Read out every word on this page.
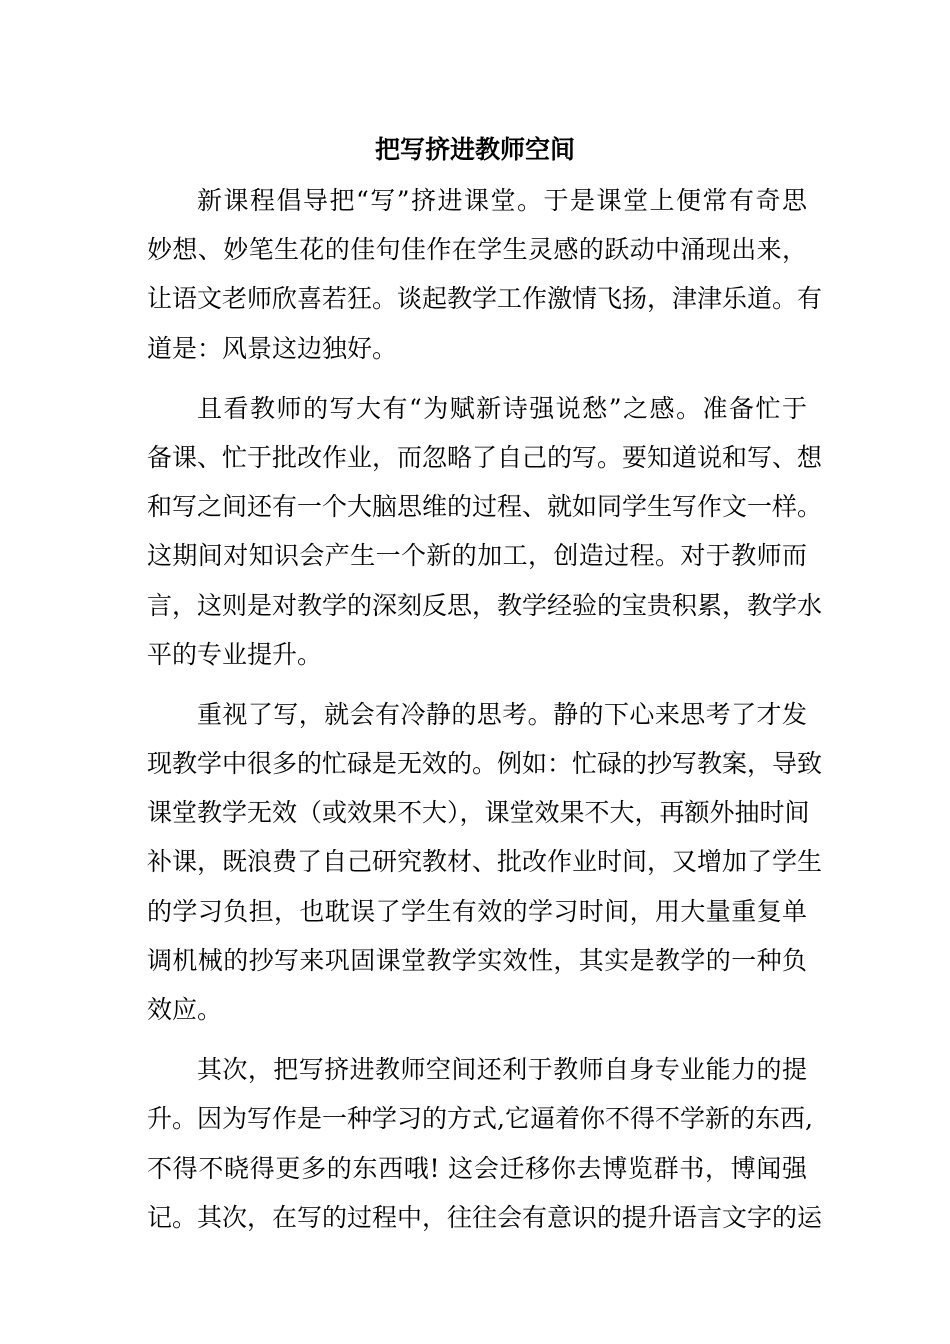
把写挤进教师空间
新课程倡导把“写”挤进课堂。于是课堂上便常有奇思
妙想、妙笔生花的佳句佳作在学生灵感的跃动中涌现出来，
让语文老师欣喜若狂。谈起教学工作激情飞扬，津津乐道。有
道是：风景这边独好。
且看教师的写大有“为赋新诗强说愁”之感。准备忙于
备课、忙于批改作业，而忽略了自己的写。要知道说和写、想
和写之间还有一个大脑思维的过程、就如同学生写作文一样。
这期间对知识会产生一个新的加工，创造过程。对于教师而
言，这则是对教学的深刻反思，教学经验的宝贵积累，教学水
平的专业提升。
重视了写，就会有冷静的思考。静的下心来思考了才发
现教学中很多的忙碌是无效的。例如：忙碌的抄写教案，导致
课堂教学无效（或效果不大），课堂效果不大，再额外抽时间
补课，既浪费了自己研究教材、批改作业时间，又增加了学生
的学习负担，也耽误了学生有效的学习时间，用大量重复单
调机械的抄写来巩固课堂教学实效性，其实是教学的一种负
效应。
其次，把写挤进教师空间还利于教师自身专业能力的提
升。因为写作是一种学习的方式,它逼着你不得不学新的东西,
不得不晓得更多的东西哦! 这会迁移你去博览群书，博闻强
记。其次，在写的过程中，往往会有意识的提升语言文字的运
